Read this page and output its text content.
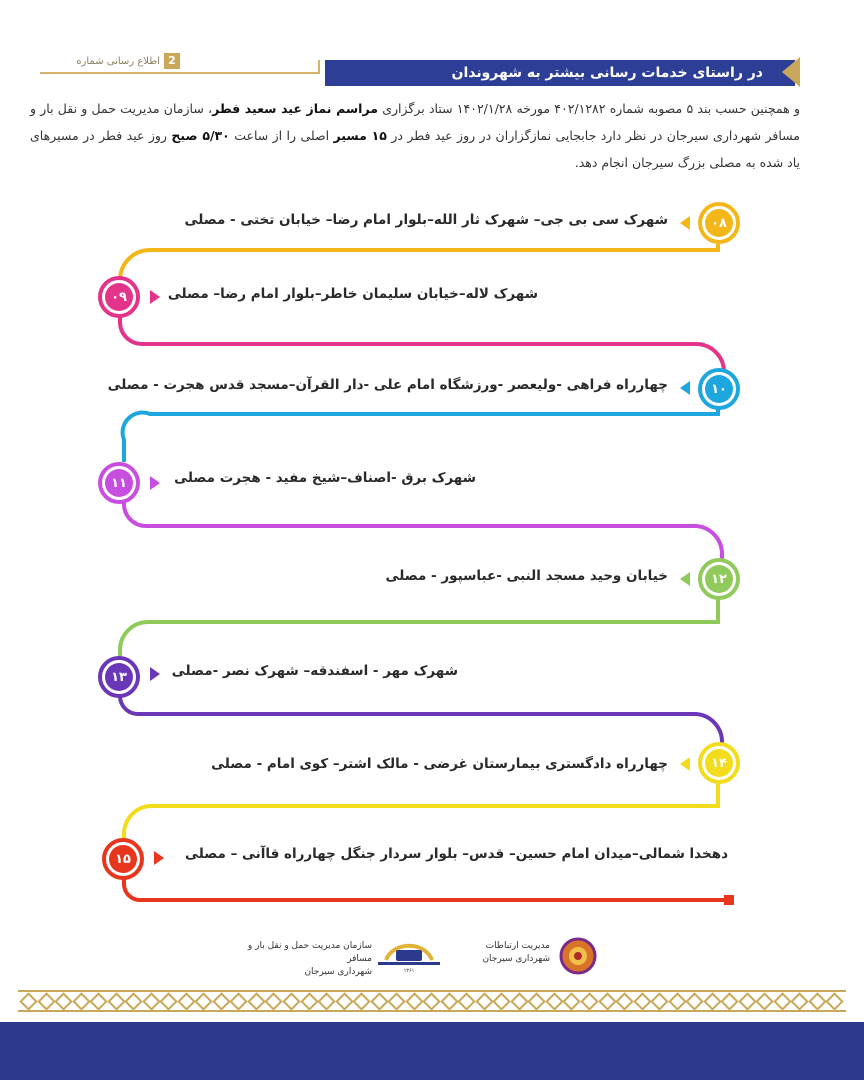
2
اطلاع رسانی شماره
در راستای خدمات رسانی بیشتر به شهروندان
و همچنین حسب بند ۵ مصوبه شماره ۴۰۲/۱۲۸۲ مورخه ۱۴۰۲/۱/۲۸ ستاد برگزاری مراسم نماز عید سعید فطر، سازمان مدیریت حمل و نقل بار و مسافر شهرداری سیرجان در نظر دارد جابجایی نمازگزاران در روز عید فطر در ۱۵ مسیر اصلی را از ساعت ۵/۳۰ صبح روز عید فطر در مسیرهای یاد شده به مصلی بزرگ سیرجان انجام دهد.
۰۸
شهرک سی بی جی– شهرک ثار الله–بلوار امام رضا– خیابان تختی - مصلی
۰۹	شهرک لاله–خیابان سلیمان خاطر–بلوار امام رضا– مصلی
۱۰
چهارراه فراهی -ولیعصر -ورزشگاه امام علی -دار القرآن–مسجد قدس هجرت - مصلی
۱۱	شهرک برق -اصناف–شیخ مفید - هجرت مصلی
۱۲
خیابان وحید مسجد النبی -عباسپور - مصلی
۱۳	شهرک مهر - اسفندقه– شهرک نصر -مصلی
۱۴
چهارراه دادگستری بیمارستان غرضی - مالک اشتر– کوی امام - مصلی
۱۵	دهخدا شمالی–میدان امام حسین– قدس– بلوار سردار جنگل چهارراه قاآنی – مصلی
مدیریت ارتباطات
شهرداری سیرجان
۱۳۶۱
سازمان مدیریت حمل و نقل بار و مسافر
شهرداری سیرجان
